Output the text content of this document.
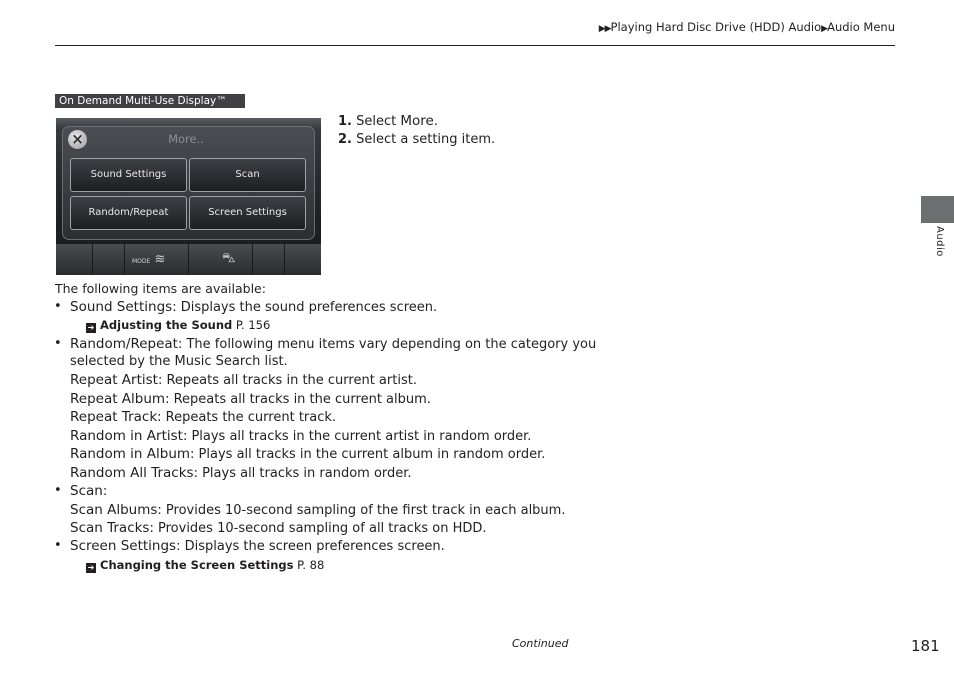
▶▶Playing Hard Disc Drive (HDD) Audio▶Audio Menu
Audio
On Demand Multi-Use Display™
×	More..
Sound Settings	Scan
Random/Repeat	Screen Settings
MODE ≋	⛍
1. Select More.
2. Select a setting item.
The following items are available:
• Sound Settings: Displays the sound preferences screen.
➔ Adjusting the Sound P. 156
• Random/Repeat: The following menu items vary depending on the category you
selected by the Music Search list.
Repeat Artist: Repeats all tracks in the current artist.
Repeat Album: Repeats all tracks in the current album.
Repeat Track: Repeats the current track.
Random in Artist: Plays all tracks in the current artist in random order.
Random in Album: Plays all tracks in the current album in random order.
Random All Tracks: Plays all tracks in random order.
• Scan:
Scan Albums: Provides 10-second sampling of the first track in each album.
Scan Tracks: Provides 10-second sampling of all tracks on HDD.
• Screen Settings: Displays the screen preferences screen.
➔ Changing the Screen Settings P. 88
Continued	181
